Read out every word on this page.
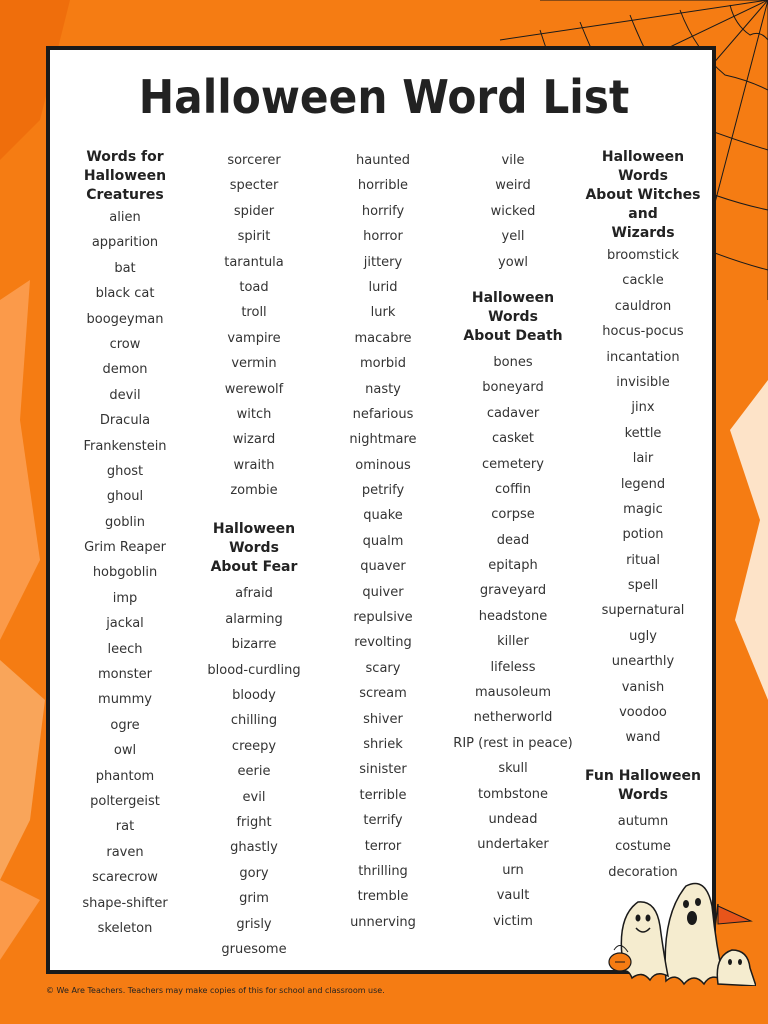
Halloween Word List
Words for
Halloween
Creatures
alien
apparition
bat
black cat
boogeyman
crow
demon
devil
Dracula
Frankenstein
ghost
ghoul
goblin
Grim Reaper
hobgoblin
imp
jackal
leech
monster
mummy
ogre
owl
phantom
poltergeist
rat
raven
scarecrow
shape-shifter
skeleton
sorcerer
specter
spider
spirit
tarantula
toad
troll
vampire
vermin
werewolf
witch
wizard
wraith
zombie
Halloween Words
About Fear
afraid
alarming
bizarre
blood-curdling
bloody
chilling
creepy
eerie
evil
fright
ghastly
gory
grim
grisly
gruesome
haunted
horrible
horrify
horror
jittery
lurid
lurk
macabre
morbid
nasty
nefarious
nightmare
ominous
petrify
quake
qualm
quaver
quiver
repulsive
revolting
scary
scream
shiver
shriek
sinister
terrible
terrify
terror
thrilling
tremble
unnerving
vile
weird
wicked
yell
yowl
Halloween Words
About Death
bones
boneyard
cadaver
casket
cemetery
coffin
corpse
dead
epitaph
graveyard
headstone
killer
lifeless
mausoleum
netherworld
RIP (rest in peace)
skull
tombstone
undead
undertaker
urn
vault
victim
Halloween Words
About Witches and
Wizards
broomstick
cackle
cauldron
hocus-pocus
incantation
invisible
jinx
kettle
lair
legend
magic
potion
ritual
spell
supernatural
ugly
unearthly
vanish
voodoo
wand
Fun Halloween
Words
autumn
costume
decoration
© We Are Teachers. Teachers may make copies of this for school and classroom use.
